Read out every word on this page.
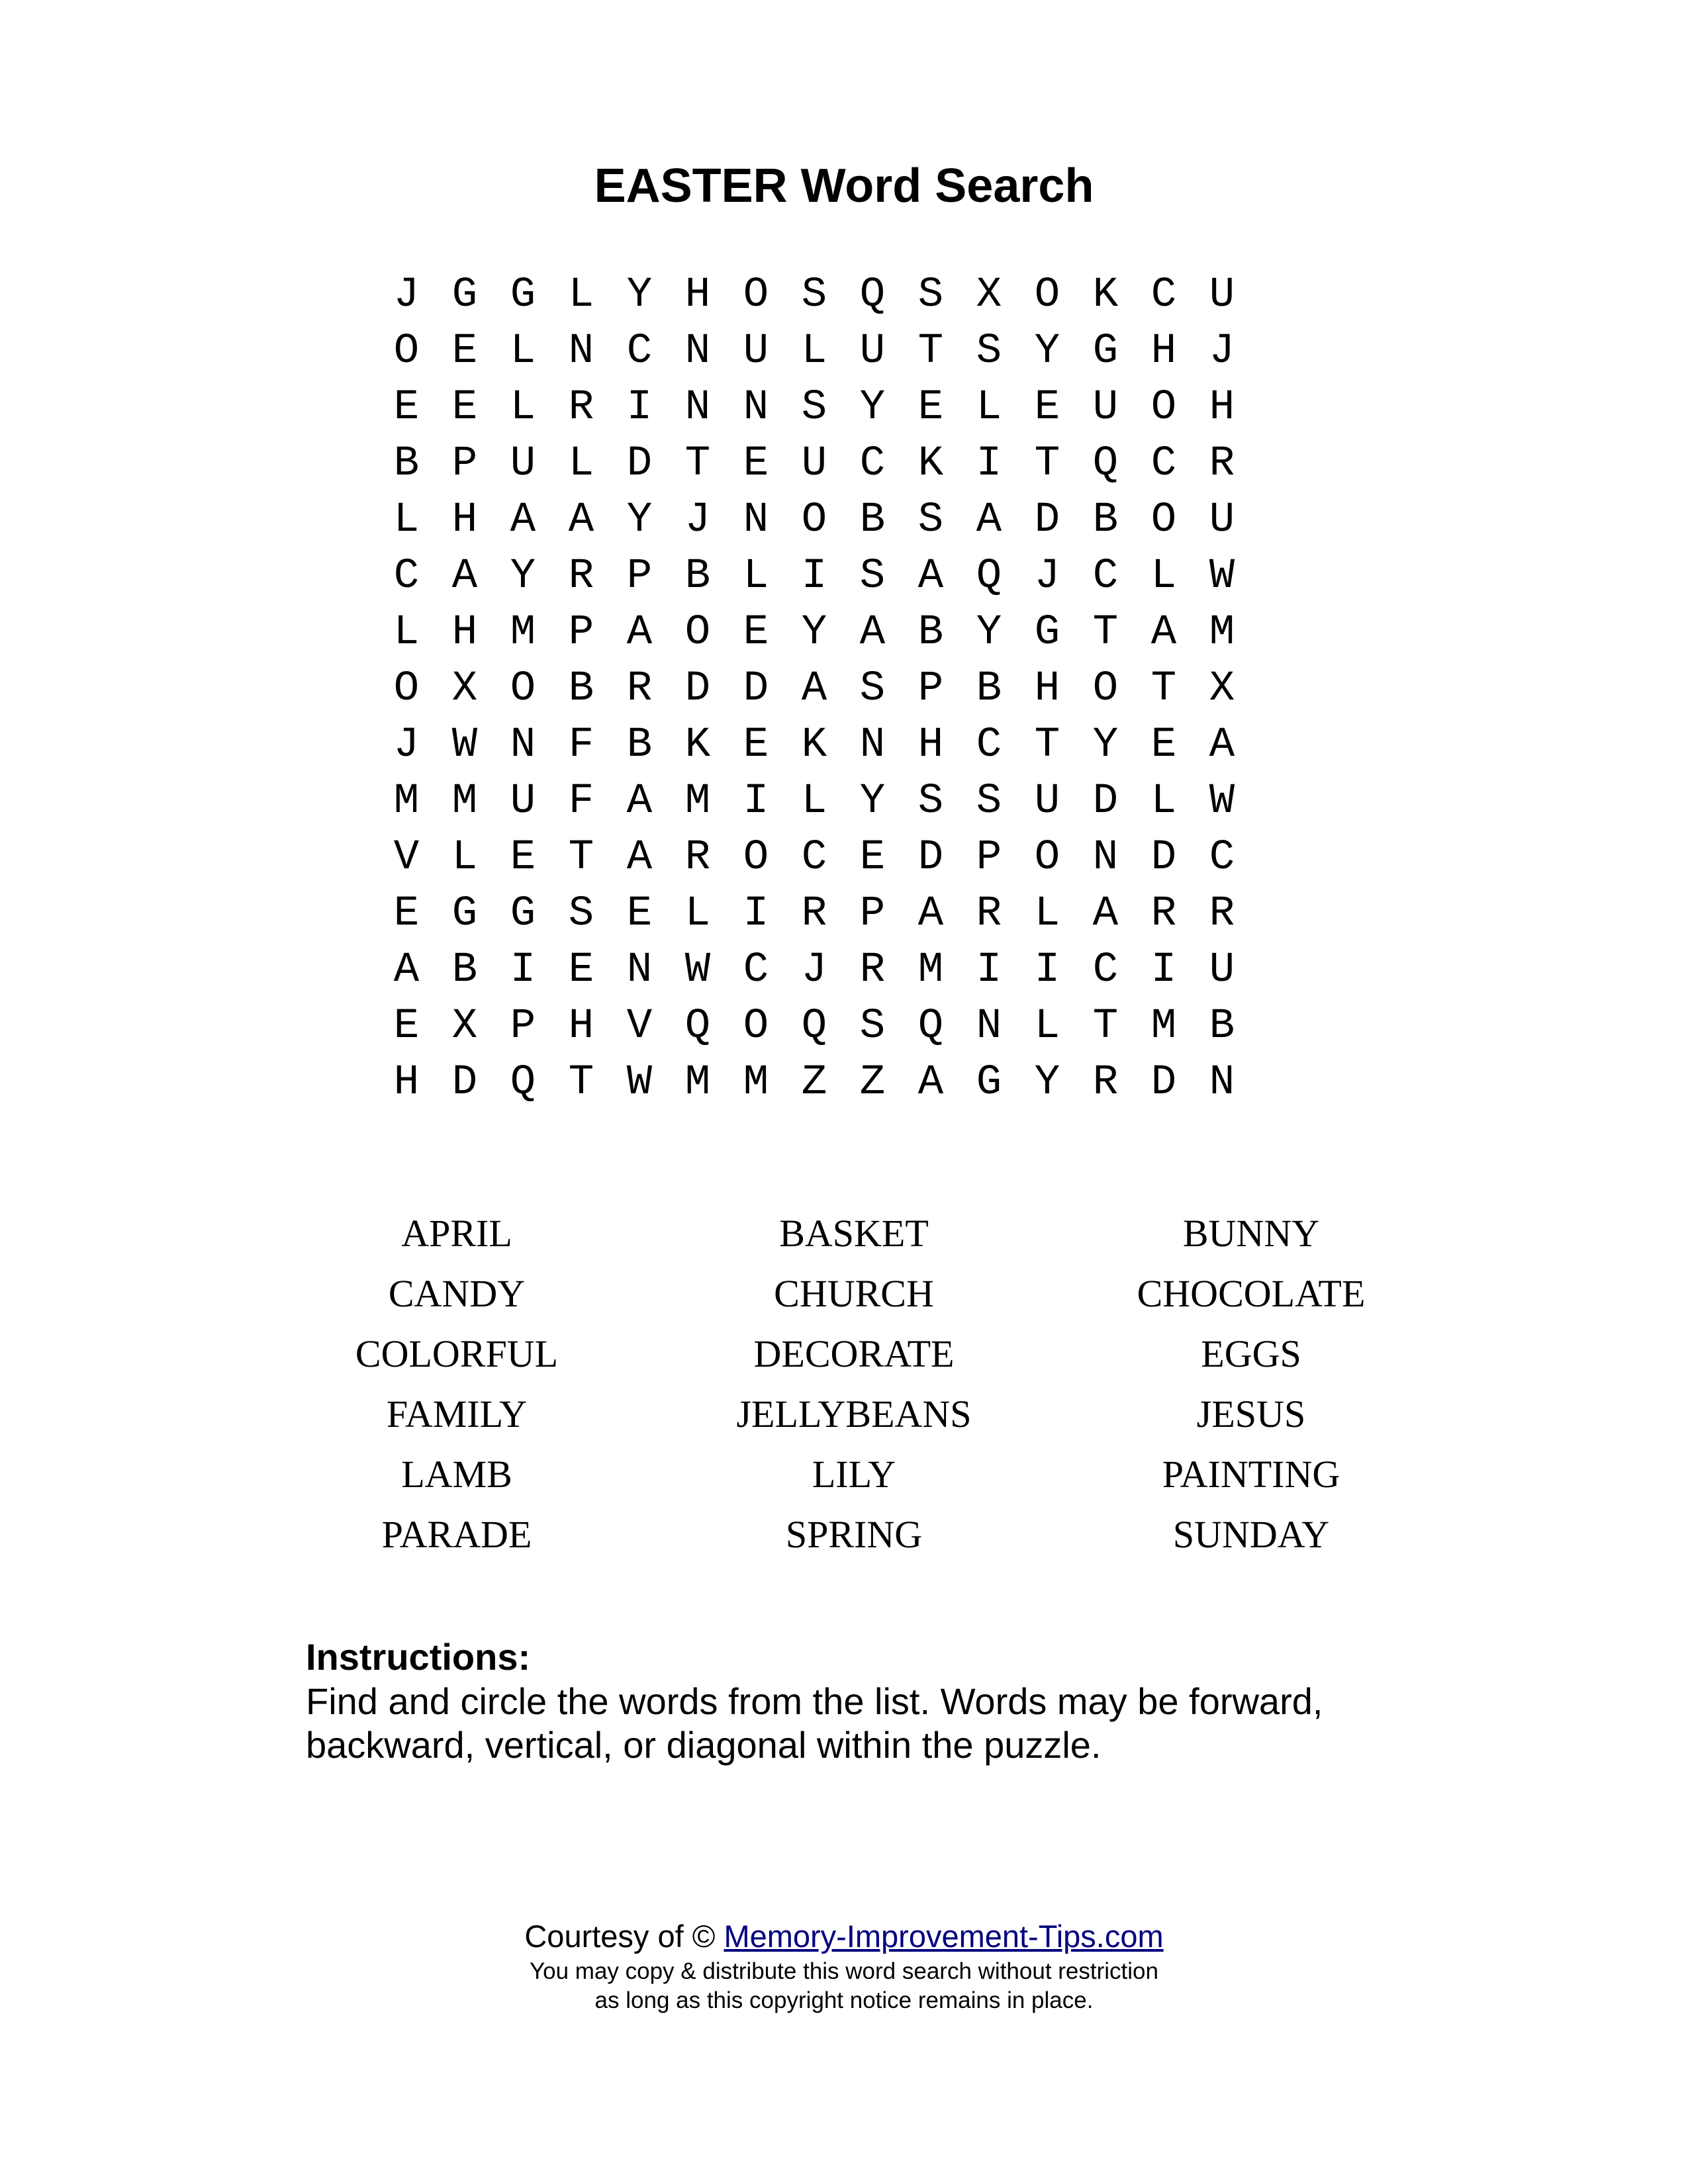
EASTER Word Search
J G G L Y H O S Q S X O K C U
O E L N C N U L U T S Y G H J
E E L R I N N S Y E L E U O H
B P U L D T E U C K I T Q C R
L H A A Y J N O B S A D B O U
C A Y R P B L I S A Q J C L W
L H M P A O E Y A B Y G T A M
O X O B R D D A S P B H O T X
J W N F B K E K N H C T Y E A
M M U F A M I L Y S S U D L W
V L E T A R O C E D P O N D C
E G G S E L I R P A R L A R R
A B I E N W C J R M I I C I U
E X P H V Q O Q S Q N L T M B
H D Q T W M M Z Z A G Y R D N
APRIL	BASKET	BUNNY
CANDY	CHURCH	CHOCOLATE
COLORFUL	DECORATE	EGGS
FAMILY	JELLYBEANS	JESUS
LAMB	LILY	PAINTING
PARADE	SPRING	SUNDAY
Instructions:
Find and circle the words from the list. Words may be forward, backward, vertical, or diagonal within the puzzle.
Courtesy of © Memory-Improvement-Tips.com
You may copy & distribute this word search without restriction
as long as this copyright notice remains in place.
